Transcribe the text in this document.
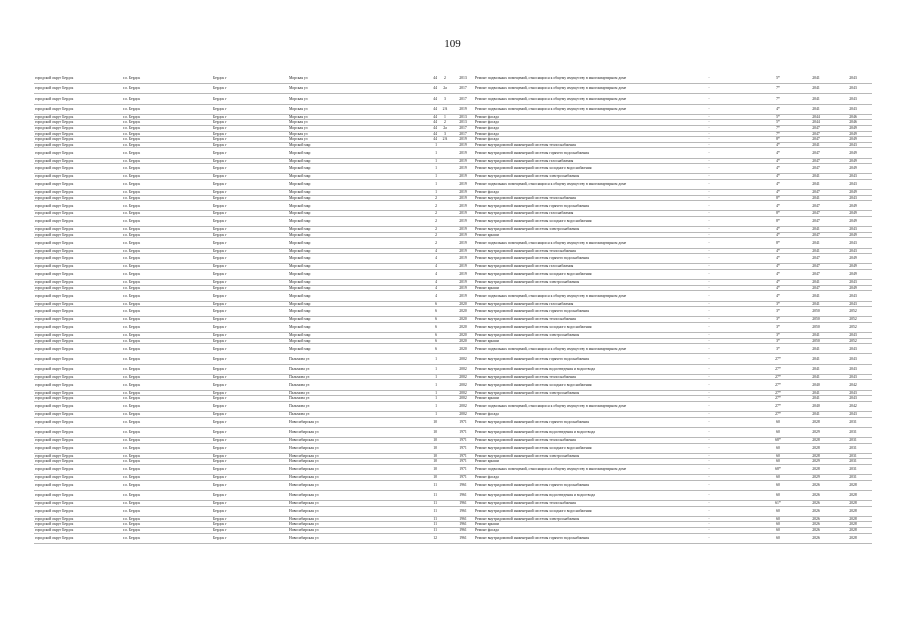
109
городской округ Бердск	г.о. Бердск	Бердск г	Морская ул	44	2	2013	Ремонт подвальных помещений, относящихся к общему имуществу в многоквартирном доме	-	5*	2041	2043
городской округ Бердск	г.о. Бердск	Бердск г	Морская ул	44	2а	2017	Ремонт подвальных помещений, относящихся к общему имуществу в многоквартирном доме	-	7*	2041	2043
городской округ Бердск	г.о. Бердск	Бердск г	Морская ул	44	3	2017	Ремонт подвальных помещений, относящихся к общему имуществу в многоквартирном доме	-	7*	2041	2043
городской округ Бердск	г.о. Бердск	Бердск г	Морская ул	44	2А	2019	Ремонт подвальных помещений, относящихся к общему имуществу в многоквартирном доме	-	4*	2041	2043
городской округ Бердск	г.о. Бердск	Бердск г	Морская ул	44	1	2013	Ремонт фасада	-	5*	2044	2046
городской округ Бердск	г.о. Бердск	Бердск г	Морская ул	44	2	2013	Ремонт фасада	-	5*	2044	2046
городской округ Бердск	г.о. Бердск	Бердск г	Морская ул	44	2а	2017	Ремонт фасада	-	7*	2047	2049
городской округ Бердск	г.о. Бердск	Бердск г	Морская ул	44	3	2017	Ремонт фасада	-	7*	2047	2049
городской округ Бердск	г.о. Бердск	Бердск г	Морская ул	44	2А	2019	Ремонт фасада	-	8*	2047	2049
городской округ Бердск	г.о. Бердск	Бердск г	Морской мкр	1		2019	Ремонт внутридомовой инженерной системы теплоснабжения	-	4*	2041	2043
городской округ Бердск	г.о. Бердск	Бердск г	Морской мкр	1		2019	Ремонт внутридомовой инженерной системы горячего водоснабжения	-	4*	2047	2049
городской округ Бердск	г.о. Бердск	Бердск г	Морской мкр	1		2019	Ремонт внутридомовой инженерной системы газоснабжения	-	4*	2047	2049
городской округ Бердск	г.о. Бердск	Бердск г	Морской мкр	1		2019	Ремонт внутридомовой инженерной системы холодного водоснабжения	-	4*	2047	2049
городской округ Бердск	г.о. Бердск	Бердск г	Морской мкр	1		2019	Ремонт внутридомовой инженерной системы электроснабжения	-	4*	2041	2043
городской округ Бердск	г.о. Бердск	Бердск г	Морской мкр	1		2019	Ремонт подвальных помещений, относящихся к общему имуществу в многоквартирном доме	-	4*	2041	2043
городской округ Бердск	г.о. Бердск	Бердск г	Морской мкр	1		2019	Ремонт фасада	-	4*	2047	2049
городской округ Бердск	г.о. Бердск	Бердск г	Морской мкр	2		2019	Ремонт внутридомовой инженерной системы теплоснабжения	-	8*	2041	2043
городской округ Бердск	г.о. Бердск	Бердск г	Морской мкр	2		2019	Ремонт внутридомовой инженерной системы горячего водоснабжения	-	4*	2047	2049
городской округ Бердск	г.о. Бердск	Бердск г	Морской мкр	2		2019	Ремонт внутридомовой инженерной системы газоснабжения	-	8*	2047	2049
городской округ Бердск	г.о. Бердск	Бердск г	Морской мкр	2		2019	Ремонт внутридомовой инженерной системы холодного водоснабжения	-	8*	2047	2049
городской округ Бердск	г.о. Бердск	Бердск г	Морской мкр	2		2019	Ремонт внутридомовой инженерной системы электроснабжения	-	4*	2041	2043
городской округ Бердск	г.о. Бердск	Бердск г	Морской мкр	2		2019	Ремонт крыши	-	4*	2047	2049
городской округ Бердск	г.о. Бердск	Бердск г	Морской мкр	2		2019	Ремонт подвальных помещений, относящихся к общему имуществу в многоквартирном доме	-	8*	2041	2043
городской округ Бердск	г.о. Бердск	Бердск г	Морской мкр	4		2019	Ремонт внутридомовой инженерной системы теплоснабжения	-	4*	2041	2043
городской округ Бердск	г.о. Бердск	Бердск г	Морской мкр	4		2019	Ремонт внутридомовой инженерной системы горячего водоснабжения	-	4*	2047	2049
городской округ Бердск	г.о. Бердск	Бердск г	Морской мкр	4		2019	Ремонт внутридомовой инженерной системы газоснабжения	-	4*	2047	2049
городской округ Бердск	г.о. Бердск	Бердск г	Морской мкр	4		2019	Ремонт внутридомовой инженерной системы холодного водоснабжения	-	4*	2047	2049
городской округ Бердск	г.о. Бердск	Бердск г	Морской мкр	4		2019	Ремонт внутридомовой инженерной системы электроснабжения	-	4*	2041	2043
городской округ Бердск	г.о. Бердск	Бердск г	Морской мкр	4		2019	Ремонт крыши	-	4*	2047	2049
городской округ Бердск	г.о. Бердск	Бердск г	Морской мкр	4		2019	Ремонт подвальных помещений, относящихся к общему имуществу в многоквартирном доме	-	4*	2041	2043
городской округ Бердск	г.о. Бердск	Бердск г	Морской мкр	6		2020	Ремонт внутридомовой инженерной системы газоснабжения	-	3*	2041	2043
городской округ Бердск	г.о. Бердск	Бердск г	Морской мкр	6		2020	Ремонт внутридомовой инженерной системы горячего водоснабжения	-	3*	2050	2052
городской округ Бердск	г.о. Бердск	Бердск г	Морской мкр	6		2020	Ремонт внутридомовой инженерной системы теплоснабжения	-	3*	2050	2052
городской округ Бердск	г.о. Бердск	Бердск г	Морской мкр	6		2020	Ремонт внутридомовой инженерной системы холодного водоснабжения	-	3*	2050	2052
городской округ Бердск	г.о. Бердск	Бердск г	Морской мкр	6		2020	Ремонт внутридомовой инженерной системы электроснабжения	-	3*	2041	2043
городской округ Бердск	г.о. Бердск	Бердск г	Морской мкр	6		2020	Ремонт крыши	-	3*	2050	2052
городской округ Бердск	г.о. Бердск	Бердск г	Морской мкр	6		2020	Ремонт подвальных помещений, относящихся к общему имуществу в многоквартирном доме	-	3*	2041	2043
городской округ Бердск	г.о. Бердск	Бердск г	Пальмова ул	1		2002	Ремонт внутридомовой инженерной системы горячего водоснабжения	-	27*	2041	2043
городской округ Бердск	г.о. Бердск	Бердск г	Пальмова ул	1		2002	Ремонт внутридомовой инженерной системы водоотведения и водоотвода	-	27*	2041	2043
городской округ Бердск	г.о. Бердск	Бердск г	Пальмова ул	1		2002	Ремонт внутридомовой инженерной системы теплоснабжения	-	27*	2041	2043
городской округ Бердск	г.о. Бердск	Бердск г	Пальмова ул	1		2002	Ремонт внутридомовой инженерной системы холодного водоснабжения	-	27*	2040	2042
городской округ Бердск	г.о. Бердск	Бердск г	Пальмова ул	1		2002	Ремонт внутридомовой инженерной системы электроснабжения	-	27*	2041	2043
городской округ Бердск	г.о. Бердск	Бердск г	Пальмова ул	1		2002	Ремонт крыши	-	27*	2041	2043
городской округ Бердск	г.о. Бердск	Бердск г	Пальмова ул	1		2002	Ремонт подвальных помещений, относящихся к общему имуществу в многоквартирном доме	-	27*	2040	2042
городской округ Бердск	г.о. Бердск	Бердск г	Пальмова ул	1		2002	Ремонт фасада	-	27*	2041	2043
городской округ Бердск	г.о. Бердск	Бердск г	Новосибирская ул	10		1971	Ремонт внутридомовой инженерной системы горячего водоснабжения	-	60	2028	2031
городской округ Бердск	г.о. Бердск	Бердск г	Новосибирская ул	10		1971	Ремонт внутридомовой инженерной системы водоотведения и водоотвода	-	60	2029	2031
городской округ Бердск	г.о. Бердск	Бердск г	Новосибирская ул	10		1971	Ремонт внутридомовой инженерной системы теплоснабжения	-	68*	2028	2031
городской округ Бердск	г.о. Бердск	Бердск г	Новосибирская ул	10		1971	Ремонт внутридомовой инженерной системы холодного водоснабжения	-	60	2028	2031
городской округ Бердск	г.о. Бердск	Бердск г	Новосибирская ул	10		1971	Ремонт внутридомовой инженерной системы электроснабжения	-	60	2028	2031
городской округ Бердск	г.о. Бердск	Бердск г	Новосибирская ул	10		1971	Ремонт крыши	-	60	2029	2031
городской округ Бердск	г.о. Бердск	Бердск г	Новосибирская ул	10		1971	Ремонт подвальных помещений, относящихся к общему имуществу в многоквартирном доме	-	68*	2028	2031
городской округ Бердск	г.о. Бердск	Бердск г	Новосибирская ул	10		1971	Ремонт фасада	-	60	2029	2031
городской округ Бердск	г.о. Бердск	Бердск г	Новосибирская ул	11		1961	Ремонт внутридомовой инженерной системы горячего водоснабжения	-	60	2026	2028
городской округ Бердск	г.о. Бердск	Бердск г	Новосибирская ул	11		1961	Ремонт внутридомовой инженерной системы водоотведения и водоотвода	-	60	2026	2028
городской округ Бердск	г.о. Бердск	Бердск г	Новосибирская ул	11		1961	Ремонт внутридомовой инженерной системы теплоснабжения	-	61*	2026	2028
городской округ Бердск	г.о. Бердск	Бердск г	Новосибирская ул	11		1961	Ремонт внутридомовой инженерной системы холодного водоснабжения	-	60	2026	2028
городской округ Бердск	г.о. Бердск	Бердск г	Новосибирская ул	11		1961	Ремонт внутридомовой инженерной системы электроснабжения	-	60	2026	2028
городской округ Бердск	г.о. Бердск	Бердск г	Новосибирская ул	11		1961	Ремонт крыши	-	60	2026	2028
городской округ Бердск	г.о. Бердск	Бердск г	Новосибирская ул	11		1961	Ремонт фасада	-	60	2026	2028
городской округ Бердск	г.о. Бердск	Бердск г	Новосибирская ул	12		1961	Ремонт внутридомовой инженерной системы горячего водоснабжения	-	60	2026	2028
